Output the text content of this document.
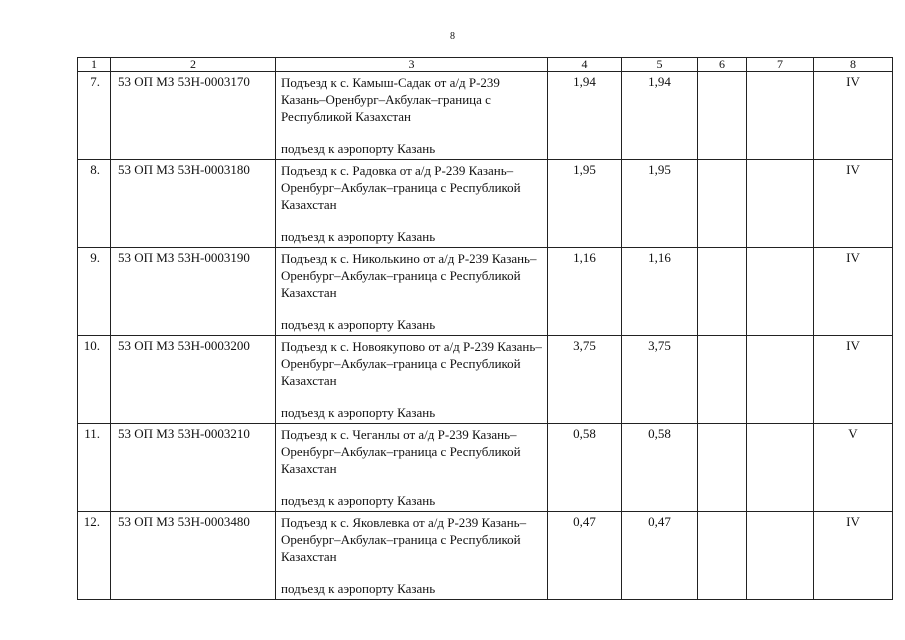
8
1	2	3	4	5	6	7	8
7.	53 ОП МЗ 53Н-0003170	Подъезд к с. Камыш-Садак от а/д Р-239 Казань–Оренбург–Акбулак–граница с Республикой Казахстан
подъезд к аэропорту Казань	1,94	1,94			IV
8.	53 ОП МЗ 53Н-0003180	Подъезд к с. Радовка от а/д Р-239 Казань–Оренбург–Акбулак–граница с Республикой Казахстан
подъезд к аэропорту Казань	1,95	1,95			IV
9.	53 ОП МЗ 53Н-0003190	Подъезд к с. Николькино от а/д Р-239 Казань–Оренбург–Акбулак–граница с Республикой Казахстан
подъезд к аэропорту Казань	1,16	1,16			IV
10.	53 ОП МЗ 53Н-0003200	Подъезд к с. Новоякупово от а/д Р-239 Казань–Оренбург–Акбулак–граница с Республикой Казахстан
подъезд к аэропорту Казань	3,75	3,75			IV
11.	53 ОП МЗ 53Н-0003210	Подъезд к с. Чеганлы от а/д Р-239 Казань–Оренбург–Акбулак–граница с Республикой Казахстан
подъезд к аэропорту Казань	0,58	0,58			V
12.	53 ОП МЗ 53Н-0003480	Подъезд к с. Яковлевка от а/д Р-239 Казань–Оренбург–Акбулак–граница с Республикой Казахстан
подъезд к аэропорту Казань	0,47	0,47			IV
